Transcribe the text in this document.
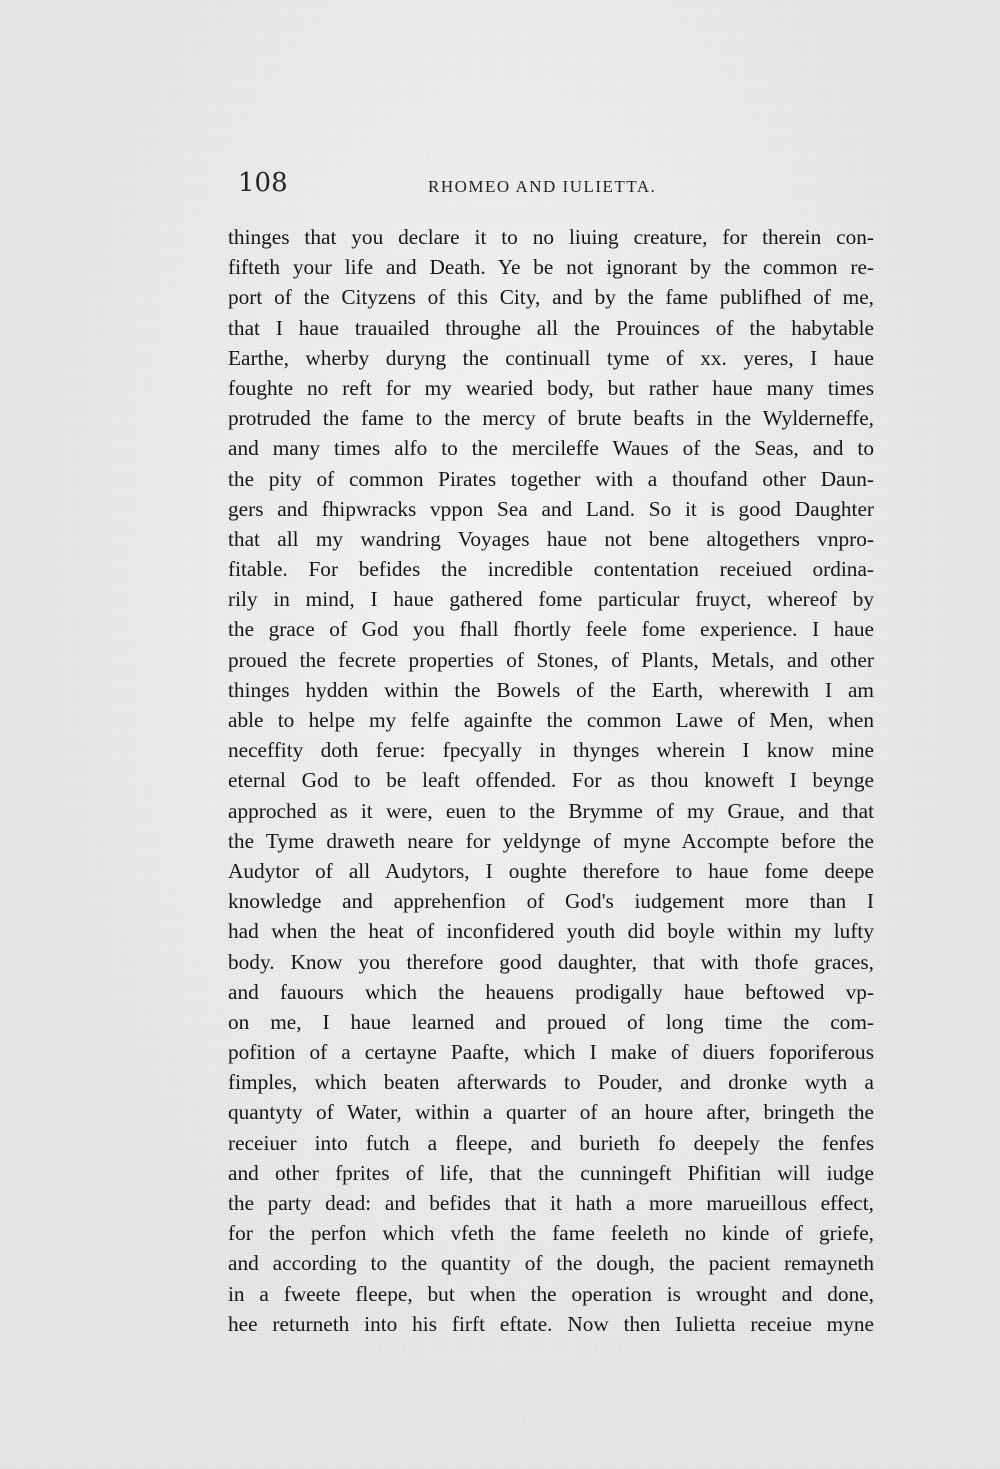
108	RHOMEO AND IULIETTA.
thinges that you declare it to no liuing creature, for therein con-
fifteth your life and Death. Ye be not ignorant by the common re-
port of the Cityzens of this City, and by the fame publifhed of me,
that I haue trauailed throughe all the Prouinces of the habytable
Earthe, wherby duryng the continuall tyme of xx. yeres, I haue
foughte no reft for my wearied body, but rather haue many times
protruded the fame to the mercy of brute beafts in the Wylderneffe,
and many times alfo to the mercileffe Waues of the Seas, and to
the pity of common Pirates together with a thoufand other Daun-
gers and fhipwracks vppon Sea and Land. So it is good Daughter
that all my wandring Voyages haue not bene altogethers vnpro-
fitable. For befides the incredible contentation receiued ordina-
rily in mind, I haue gathered fome particular fruyct, whereof by
the grace of God you fhall fhortly feele fome experience. I haue
proued the fecrete properties of Stones, of Plants, Metals, and other
thinges hydden within the Bowels of the Earth, wherewith I am
able to helpe my felfe againfte the common Lawe of Men, when
neceffity doth ferue: fpecyally in thynges wherein I know mine
eternal God to be leaft offended. For as thou knoweft I beynge
approched as it were, euen to the Brymme of my Graue, and that
the Tyme draweth neare for yeldynge of myne Accompte before the
Audytor of all Audytors, I oughte therefore to haue fome deepe
knowledge and apprehenfion of God's iudgement more than I
had when the heat of inconfidered youth did boyle within my lufty
body. Know you therefore good daughter, that with thofe graces,
and fauours which the heauens prodigally haue beftowed vp-
on me, I haue learned and proued of long time the com-
pofition of a certayne Paafte, which I make of diuers foporiferous
fimples, which beaten afterwards to Pouder, and dronke wyth a
quantyty of Water, within a quarter of an houre after, bringeth the
receiuer into futch a fleepe, and burieth fo deepely the fenfes
and other fprites of life, that the cunningeft Phifitian will iudge
the party dead: and befides that it hath a more marueillous effect,
for the perfon which vfeth the fame feeleth no kinde of griefe,
and according to the quantity of the dough, the pacient remayneth
in a fweete fleepe, but when the operation is wrought and done,
hee returneth into his firft eftate. Now then Iulietta receiue myne
